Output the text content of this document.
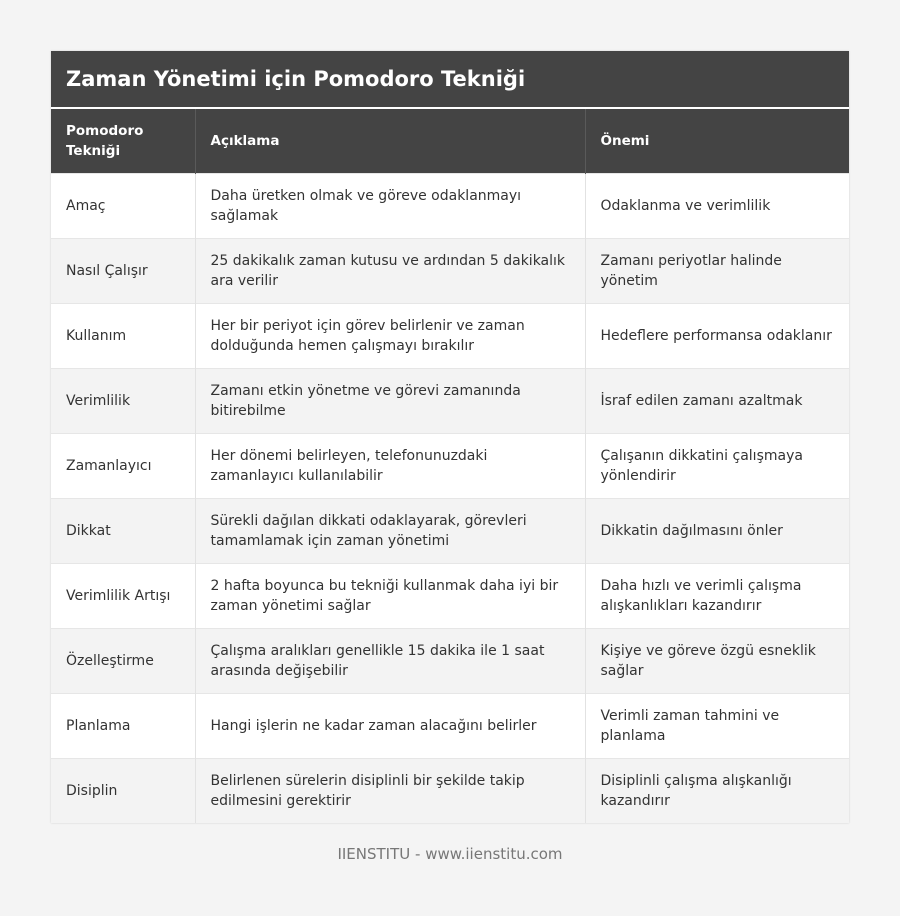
Zaman Yönetimi için Pomodoro Tekniği
Pomodoro Tekniği	Açıklama	Önemi
Amaç	Daha üretken olmak ve göreve odaklanmayı sağlamak	Odaklanma ve verimlilik
Nasıl Çalışır	25 dakikalık zaman kutusu ve ardından 5 dakikalık ara verilir	Zamanı periyotlar halinde yönetim
Kullanım	Her bir periyot için görev belirlenir ve zaman dolduğunda hemen çalışmayı bırakılır	Hedeflere performansa odaklanır
Verimlilik	Zamanı etkin yönetme ve görevi zamanında bitirebilme	İsraf edilen zamanı azaltmak
Zamanlayıcı	Her dönemi belirleyen, telefonunuzdaki zamanlayıcı kullanılabilir	Çalışanın dikkatini çalışmaya yönlendirir
Dikkat	Sürekli dağılan dikkati odaklayarak, görevleri tamamlamak için zaman yönetimi	Dikkatin dağılmasını önler
Verimlilik Artışı	2 hafta boyunca bu tekniği kullanmak daha iyi bir zaman yönetimi sağlar	Daha hızlı ve verimli çalışma alışkanlıkları kazandırır
Özelleştirme	Çalışma aralıkları genellikle 15 dakika ile 1 saat arasında değişebilir	Kişiye ve göreve özgü esneklik sağlar
Planlama	Hangi işlerin ne kadar zaman alacağını belirler	Verimli zaman tahmini ve planlama
Disiplin	Belirlenen sürelerin disiplinli bir şekilde takip edilmesini gerektirir	Disiplinli çalışma alışkanlığı kazandırır
IIENSTITU - www.iienstitu.com
